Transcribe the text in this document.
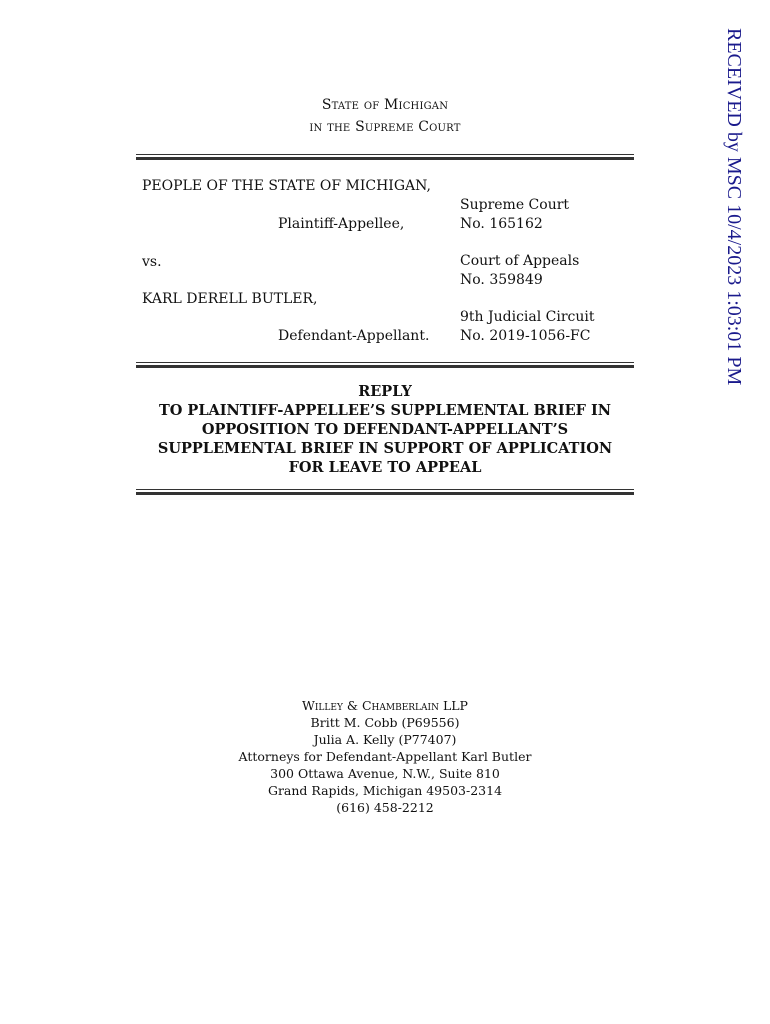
State of Michigan
in the Supreme Court
PEOPLE OF THE STATE OF MICHIGAN,
Plaintiff-Appellee,
vs.
KARL DERELL BUTLER,
Defendant-Appellant.
Supreme Court
No. 165162
Court of Appeals
No. 359849
9th Judicial Circuit
No. 2019-1056-FC
REPLY
TO PLAINTIFF-APPELLEE’S SUPPLEMENTAL BRIEF IN
OPPOSITION TO DEFENDANT-APPELLANT’S
SUPPLEMENTAL BRIEF IN SUPPORT OF APPLICATION
FOR LEAVE TO APPEAL
Willey & Chamberlain LLP
Britt M. Cobb (P69556)
Julia A. Kelly (P77407)
Attorneys for Defendant-Appellant Karl Butler
300 Ottawa Avenue, N.W., Suite 810
Grand Rapids, Michigan 49503-2314
(616) 458-2212
RECEIVED by MSC 10/4/2023 1:03:01 PM
